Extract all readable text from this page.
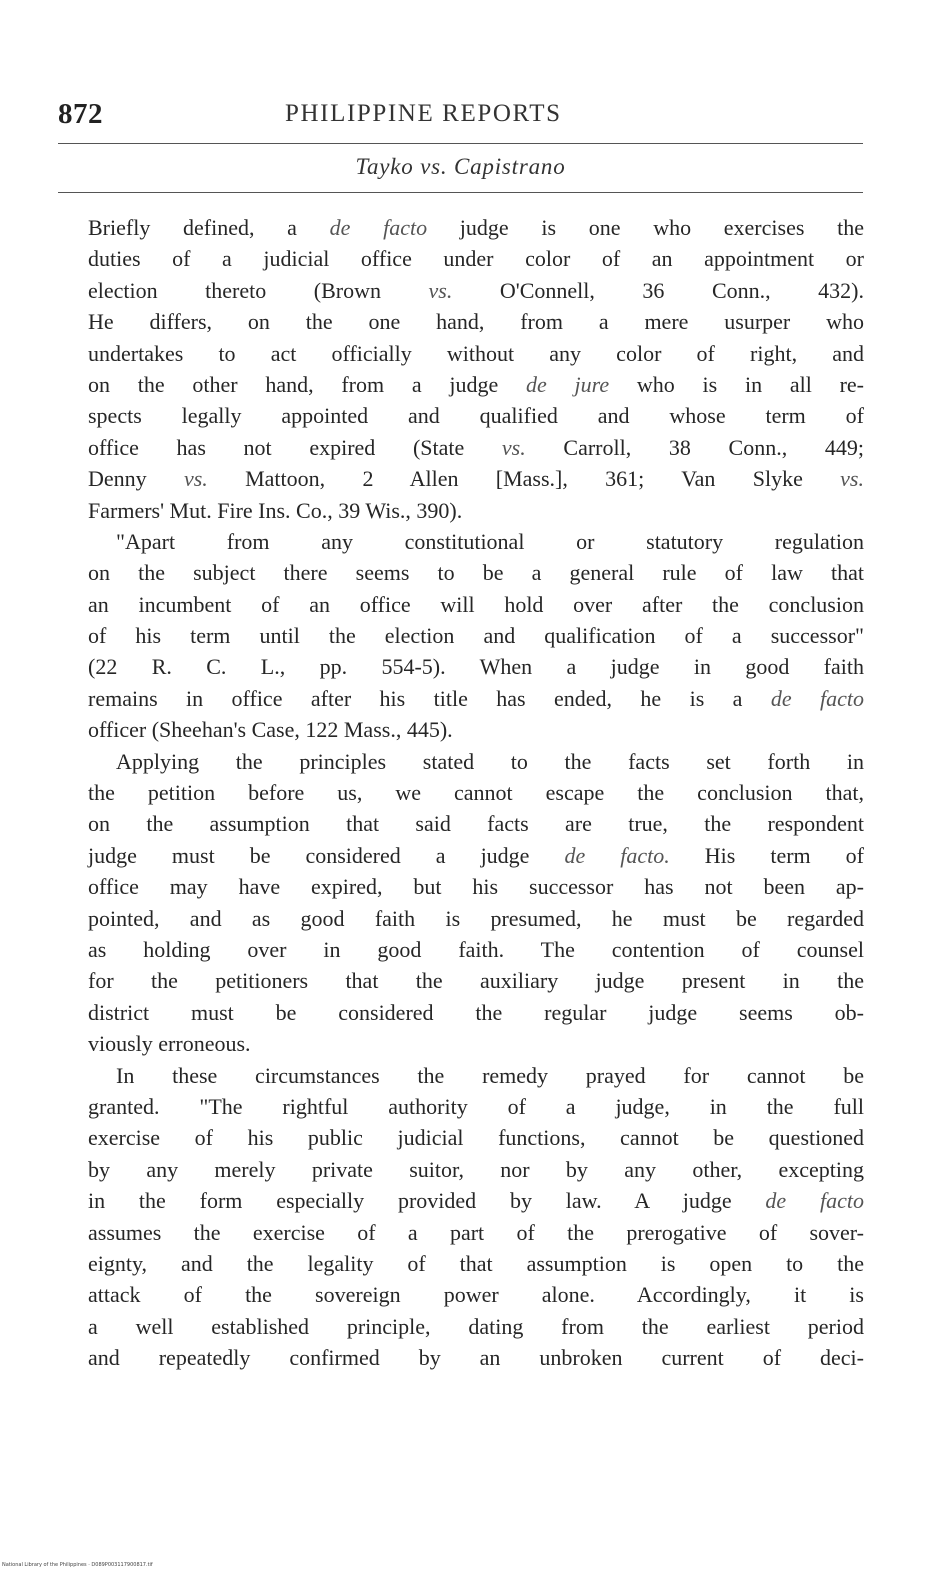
872	PHILIPPINE REPORTS
Tayko vs. Capistrano
Briefly defined, a de facto judge is one who exercises the
duties of a judicial office under color of an appointment or
election thereto (Brown vs. O'Connell, 36 Conn., 432).
He differs, on the one hand, from a mere usurper who
undertakes to act officially without any color of right, and
on the other hand, from a judge de jure who is in all re-
spects legally appointed and qualified and whose term of
office has not expired (State vs. Carroll, 38 Conn., 449;
Denny vs. Mattoon, 2 Allen [Mass.], 361; Van Slyke vs.
Farmers' Mut. Fire Ins. Co., 39 Wis., 390).
"Apart from any constitutional or statutory regulation
on the subject there seems to be a general rule of law that
an incumbent of an office will hold over after the conclusion
of his term until the election and qualification of a successor"
(22 R. C. L., pp. 554-5). When a judge in good faith
remains in office after his title has ended, he is a de facto
officer (Sheehan's Case, 122 Mass., 445).
Applying the principles stated to the facts set forth in
the petition before us, we cannot escape the conclusion that,
on the assumption that said facts are true, the respondent
judge must be considered a judge de facto. His term of
office may have expired, but his successor has not been ap-
pointed, and as good faith is presumed, he must be regarded
as holding over in good faith. The contention of counsel
for the petitioners that the auxiliary judge present in the
district must be considered the regular judge seems ob-
viously erroneous.
In these circumstances the remedy prayed for cannot be
granted. "The rightful authority of a judge, in the full
exercise of his public judicial functions, cannot be questioned
by any merely private suitor, nor by any other, excepting
in the form especially provided by law. A judge de facto
assumes the exercise of a part of the prerogative of sover-
eignty, and the legality of that assumption is open to the
attack of the sovereign power alone. Accordingly, it is
a well established principle, dating from the earliest period
and repeatedly confirmed by an unbroken current of deci-
National Library of the Philippines · D089P003117900817.tif
